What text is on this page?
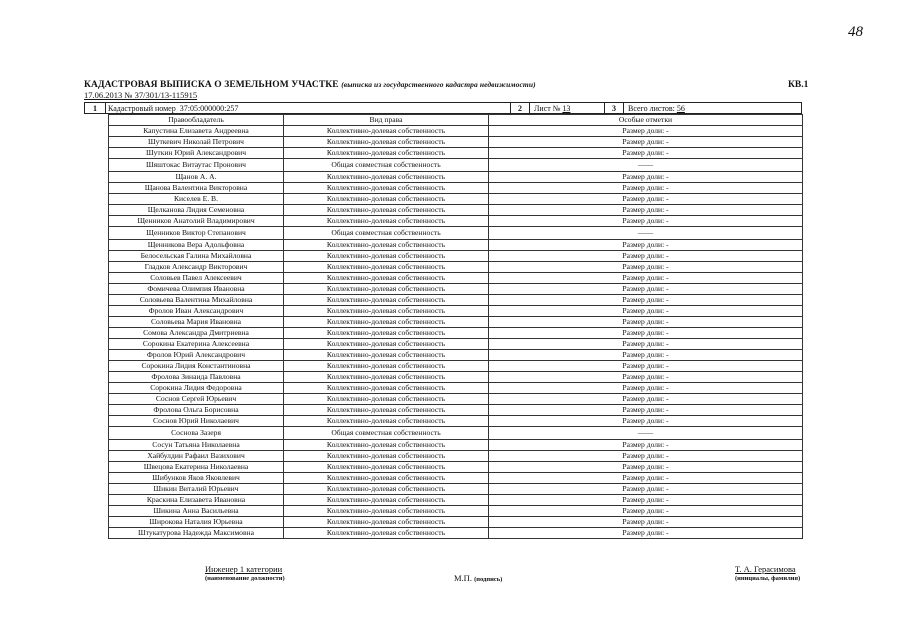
48
КАДАСТРОВАЯ ВЫПИСКА О ЗЕМЕЛЬНОМ УЧАСТКЕ (выписка из государственного кадастра недвижимости)	КВ.1
17.06.2013 № 37/301/13-115915
1	Кадастровый номер 37:05:000000:257	2	Лист № 13	3	Всего листов: 56
Правообладатель	Вид права	Особые отметки
Капустина Елизавета Андреевна	Коллективно-долевая собственность	Размер доли: -
Шуткевич Николай Петрович	Коллективно-долевая собственность	Размер доли: -
Шуткин Юрий Александрович	Коллективно-долевая собственность	Размер доли: -
Шяштокас Витаутас Пронович	Общая совместная собственность	——
Щанов А. А.	Коллективно-долевая собственность	Размер доли: -
Щанова Валентина Викторовна	Коллективно-долевая собственность	Размер доли: -
Киселев Е. В.	Коллективно-долевая собственность	Размер доли: -
Щелканова Лидия Семеновна	Коллективно-долевая собственность	Размер доли: -
Щенников Анатолий Владимирович	Коллективно-долевая собственность	Размер доли: -
Щенников Виктор Степанович	Общая совместная собственность	——
Щенникова Вера Адольфовна	Коллективно-долевая собственность	Размер доли: -
Белосельская Галина Михайловна	Коллективно-долевая собственность	Размер доли: -
Гладков Александр Викторович	Коллективно-долевая собственность	Размер доли: -
Соловьев Павел Алексеевич	Коллективно-долевая собственность	Размер доли: -
Фомичева Олимпия Ивановна	Коллективно-долевая собственность	Размер доли: -
Соловьева Валентина Михайловна	Коллективно-долевая собственность	Размер доли: -
Фролов Иван Александрович	Коллективно-долевая собственность	Размер доли: -
Соловьева Мария Ивановна	Коллективно-долевая собственность	Размер доли: -
Сомова Александра Дмитриевна	Коллективно-долевая собственность	Размер доли: -
Сорокина Екатерина Алексеевна	Коллективно-долевая собственность	Размер доли: -
Фролов Юрий Александрович	Коллективно-долевая собственность	Размер доли: -
Сорокина Лидия Константиновна	Коллективно-долевая собственность	Размер доли: -
Фролова Зинаида Павловна	Коллективно-долевая собственность	Размер доли: -
Сорокина Лидия Федоровна	Коллективно-долевая собственность	Размер доли: -
Соснов Сергей Юрьевич	Коллективно-долевая собственность	Размер доли: -
Фролова Ольга Борисовна	Коллективно-долевая собственность	Размер доли: -
Соснов Юрий Николаевич	Коллективно-долевая собственность	Размер доли: -
Соснова Зазеря	Общая совместная собственность	——
Сосун Татьяна Николаевна	Коллективно-долевая собственность	Размер доли: -
Хайбулдин Рафаил Вазихович	Коллективно-долевая собственность	Размер доли: -
Швецова Екатерина Николаевна	Коллективно-долевая собственность	Размер доли: -
Шибунков Яков Яковлевич	Коллективно-долевая собственность	Размер доли: -
Шикин Виталий Юрьевич	Коллективно-долевая собственность	Размер доли: -
Краскина Елизавета Ивановна	Коллективно-долевая собственность	Размер доли: -
Шикина Анна Васильевна	Коллективно-долевая собственность	Размер доли: -
Широкова Наталия Юрьевна	Коллективно-долевая собственность	Размер доли: -
Штукатурова Надежда Максимовна	Коллективно-долевая собственность	Размер доли: -
Инженер 1 категории
(наименование должности)	М.П. (подпись)
Т. А. Герасимова
(инициалы, фамилия)
